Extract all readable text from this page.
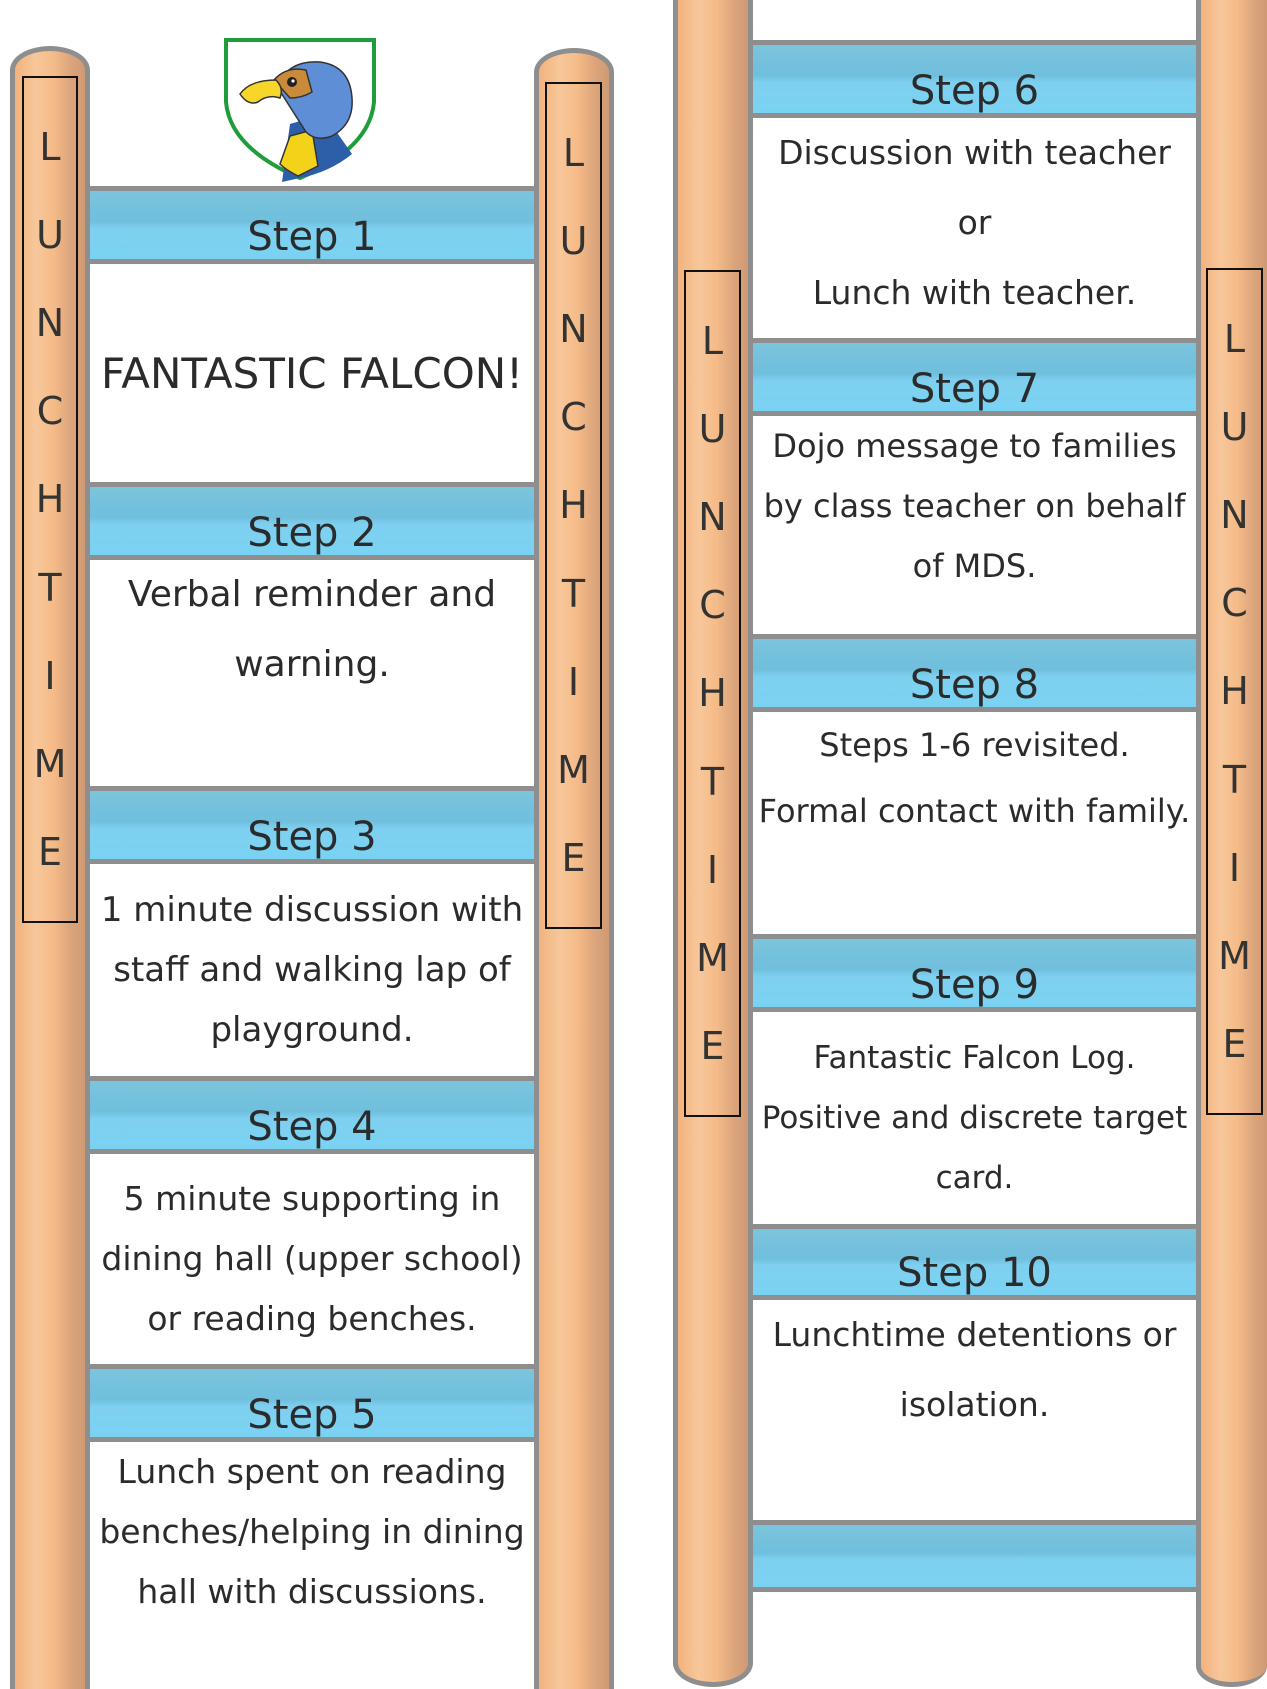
L
U
N
C
H
T
I
M
E
L
U
N
C
H
T
I
M
E
Step 1
FANTASTIC FALCON!
Step 2
Verbal reminder and
warning.
Step 3
1 minute discussion with
staff and walking lap of
playground.
Step 4
5 minute supporting in
dining hall (upper school)
or reading benches.
Step 5
Lunch spent on reading
benches/helping in dining
hall with discussions.
L
U
N
C
H
T
I
M
E
L
U
N
C
H
T
I
M
E
Step 6
Discussion with teacher or
Lunch with teacher.
Step 7
Dojo message to families
by class teacher on behalf
of MDS.
Step 8
Steps 1-6 revisited.
Formal contact with family.
Step 9
Fantastic Falcon Log.
Positive and discrete target
card.
Step 10
Lunchtime detentions or
isolation.
